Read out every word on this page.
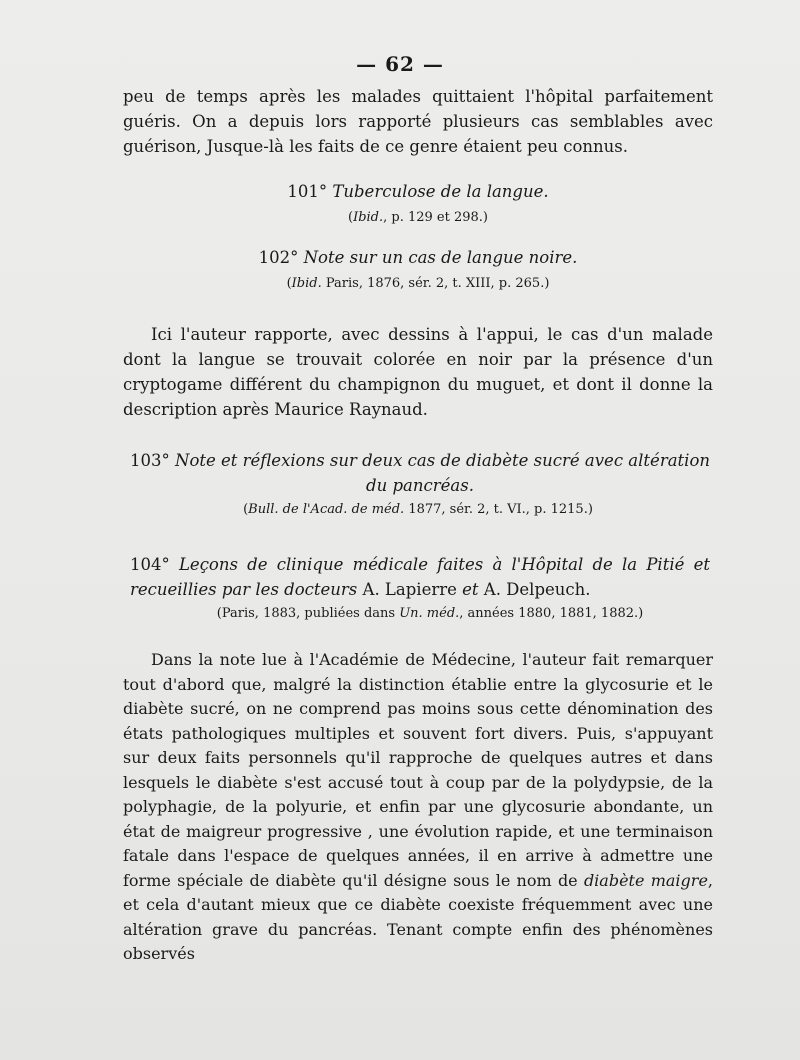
— 62 —
peu de temps après les malades quittaient l'hôpital parfaitement guéris. On a depuis lors rapporté plusieurs cas semblables avec guérison, Jusque-là les faits de ce genre étaient peu connus.
101° Tuberculose de la langue.
(Ibid., p. 129 et 298.)
102° Note sur un cas de langue noire.
(Ibid. Paris, 1876, sér. 2, t. XIII, p. 265.)
Ici l'auteur rapporte, avec dessins à l'appui, le cas d'un malade dont la langue se trouvait colorée en noir par la présence d'un cryptogame différent du champignon du muguet, et dont il donne la description après Maurice Raynaud.
103° Note et réflexions sur deux cas de diabète sucré avec altération du pancréas.
(Bull. de l'Acad. de méd. 1877, sér. 2, t. VI., p. 1215.)
104° Leçons de clinique médicale faites à l'Hôpital de la Pitié et recueillies par les docteurs A. Lapierre et A. Delpeuch.
(Paris, 1883, publiées dans Un. méd., années 1880, 1881, 1882.)
Dans la note lue à l'Académie de Médecine, l'auteur fait remarquer tout d'abord que, malgré la distinction établie entre la glycosurie et le diabète sucré, on ne comprend pas moins sous cette dénomination des états pathologiques multiples et souvent fort divers. Puis, s'appuyant sur deux faits personnels qu'il rapproche de quelques autres et dans lesquels le diabète s'est accusé tout à coup par de la polydypsie, de la polyphagie, de la polyurie, et enfin par une glycosurie abondante, un état de maigreur progressive , une évolution rapide, et une terminaison fatale dans l'espace de quelques années, il en arrive à admettre une forme spéciale de diabète qu'il désigne sous le nom de diabète maigre, et cela d'autant mieux que ce diabète coexiste fréquemment avec une altération grave du pancréas. Tenant compte enfin des phénomènes observés
